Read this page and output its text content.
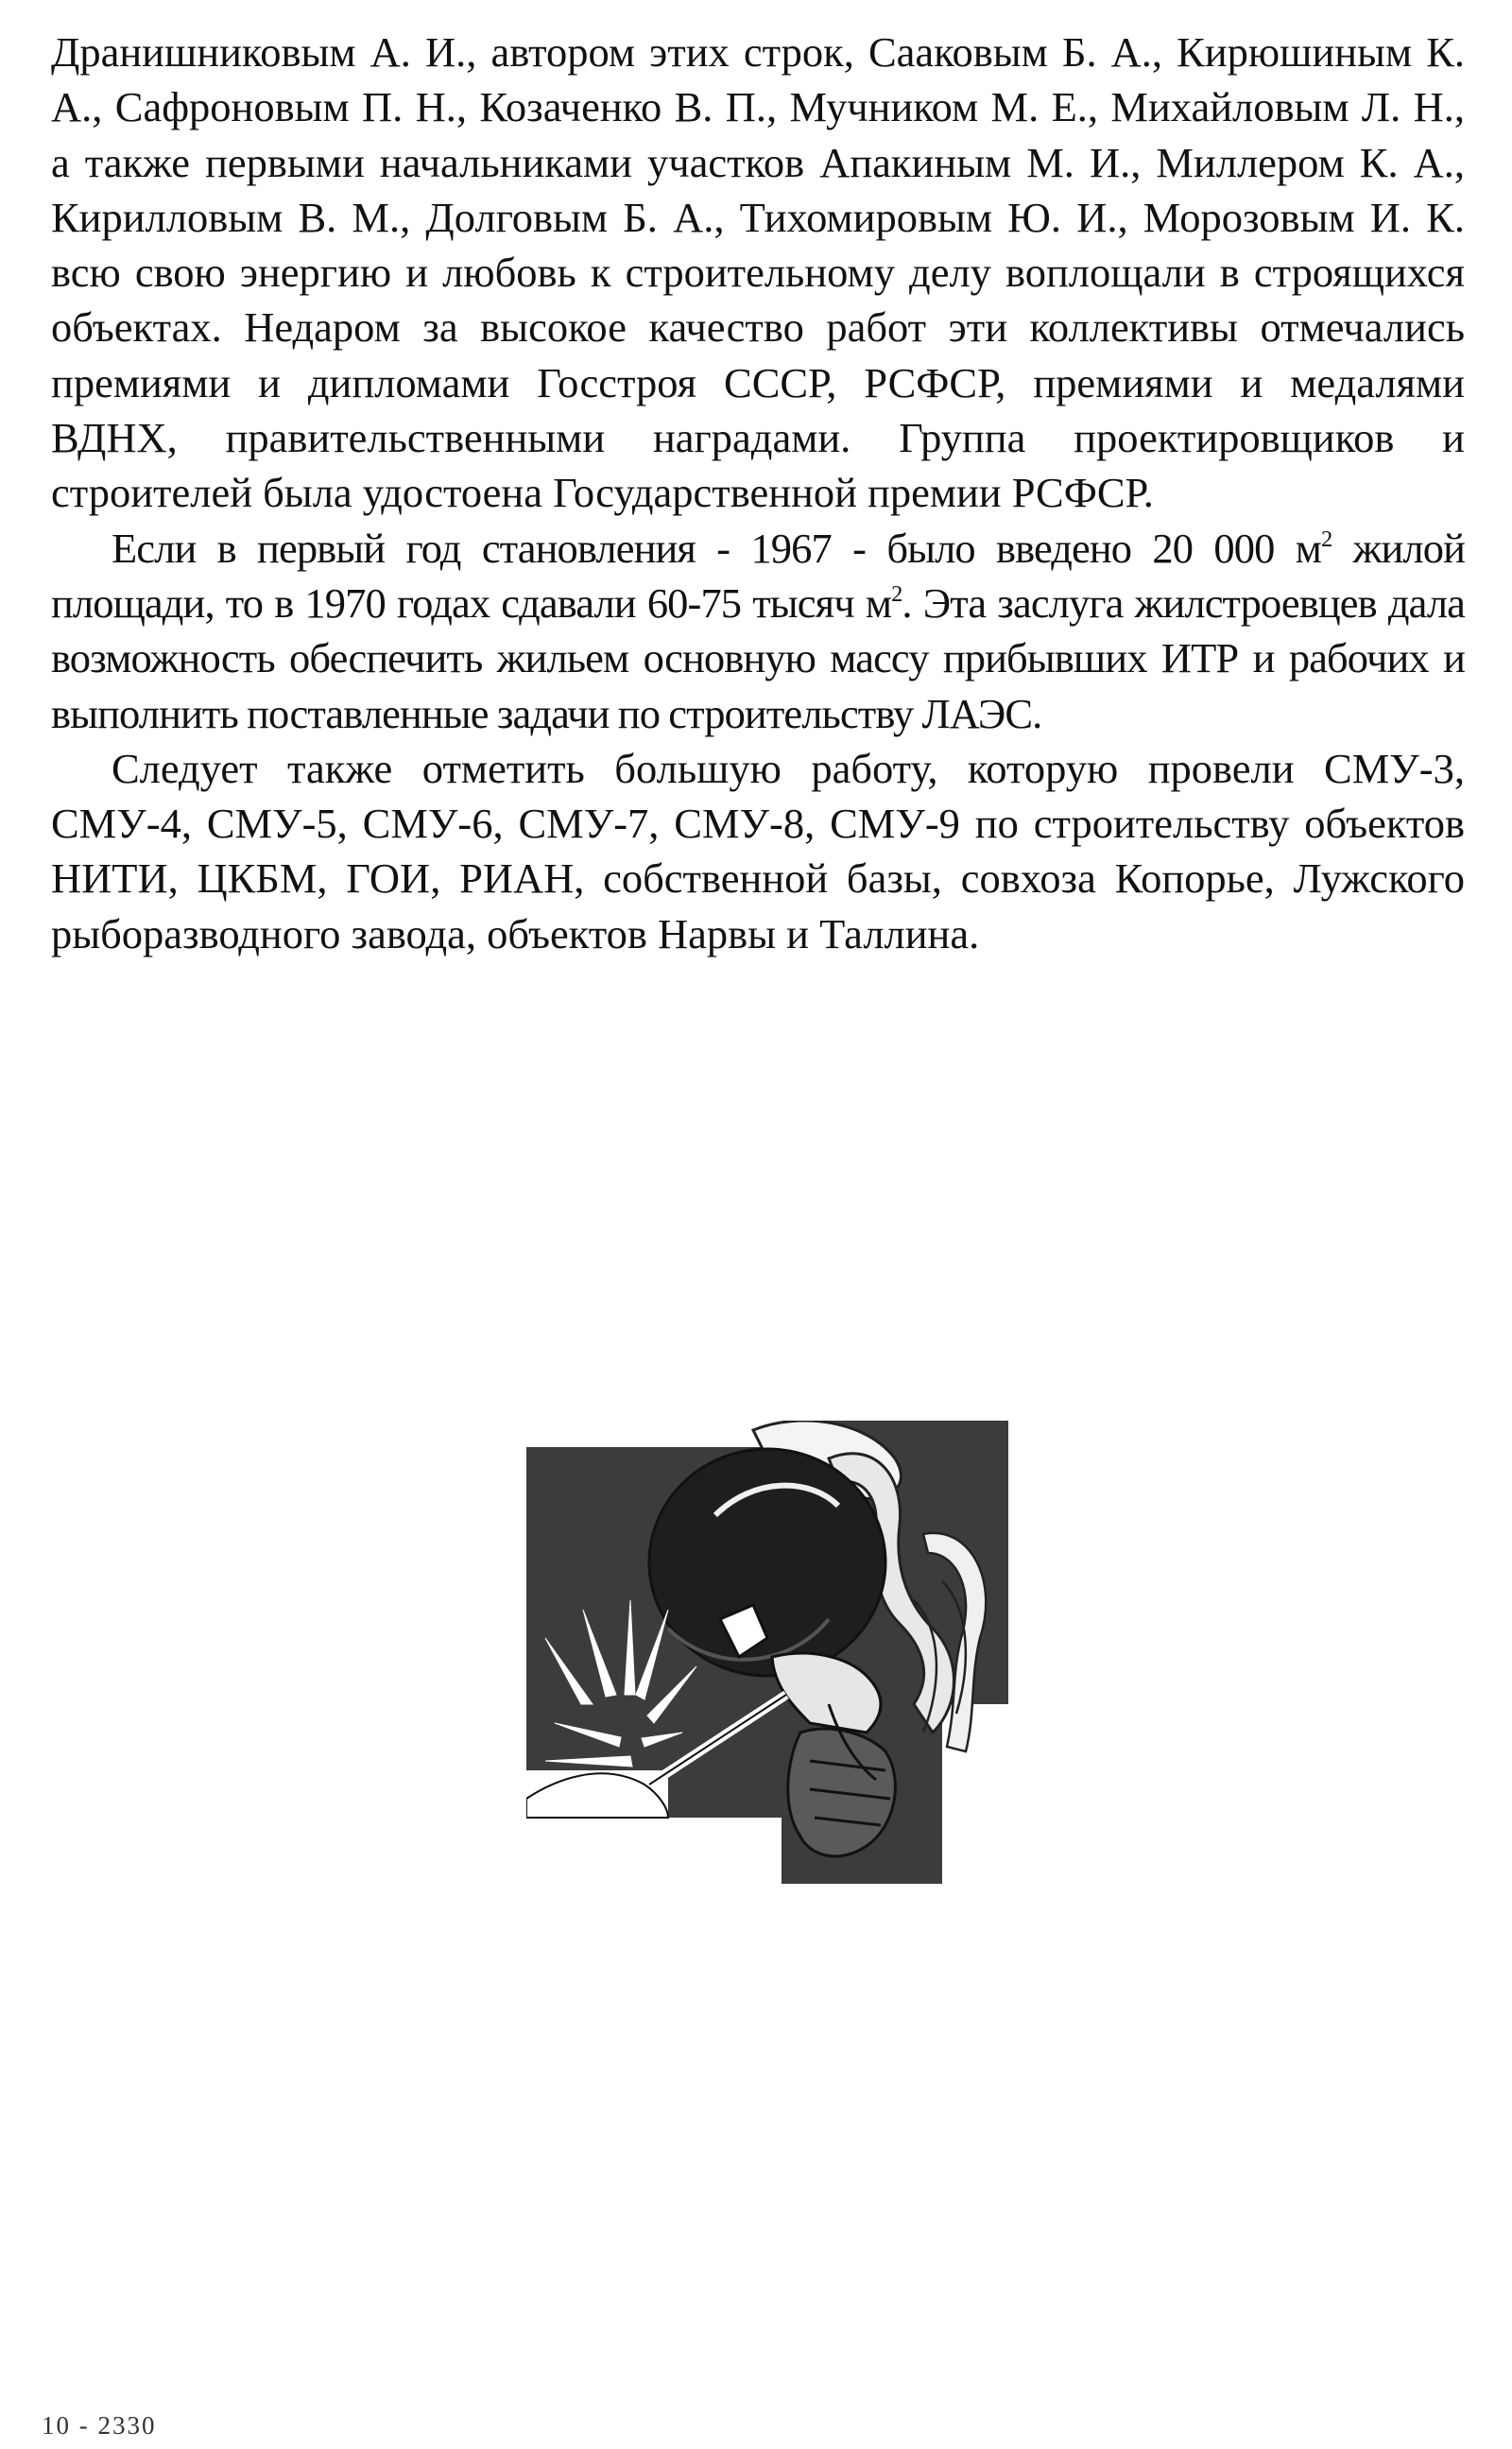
Дранишниковым А. И., автором этих строк, Сааковым Б. А., Кирюшиным К. А., Сафроновым П. Н., Козаченко В. П., Мучником М. Е., Михайловым Л. Н., а также первыми начальниками участков Апакиным М. И., Миллером К. А., Кирилловым В. М., Долговым Б. А., Тихомировым Ю. И., Морозовым И. К. всю свою энергию и любовь к строительному делу воплощали в строящихся объектах. Недаром за высокое качество работ эти коллективы отмечались премиями и дипломами Госстроя СССР, РСФСР, премиями и медалями ВДНХ, правительственными наградами. Группа проектировщиков и строителей была удостоена Государственной премии РСФСР.

Если в первый год становления - 1967 - было введено 20 000 $м^2$ жилой площади, то в 1970 годах сдавали 60-75 тысяч $м^2$. Эта заслуга жилстроевцев дала возможность обеспечить жильем основную массу прибывших ИТР и рабочих и выполнить поставленные задачи по строительству ЛАЭС.

Следует также отметить большую работу, которую провели СМУ-3, СМУ-4, СМУ-5, СМУ-6, СМУ-7, СМУ-8, СМУ-9 по строительству объектов НИТИ, ЦКБМ, ГОИ, РИАН, собственной базы, совхоза Копорье, Лужского рыборазводного завода, объектов Нарвы и Таллина.

10 - 2330
